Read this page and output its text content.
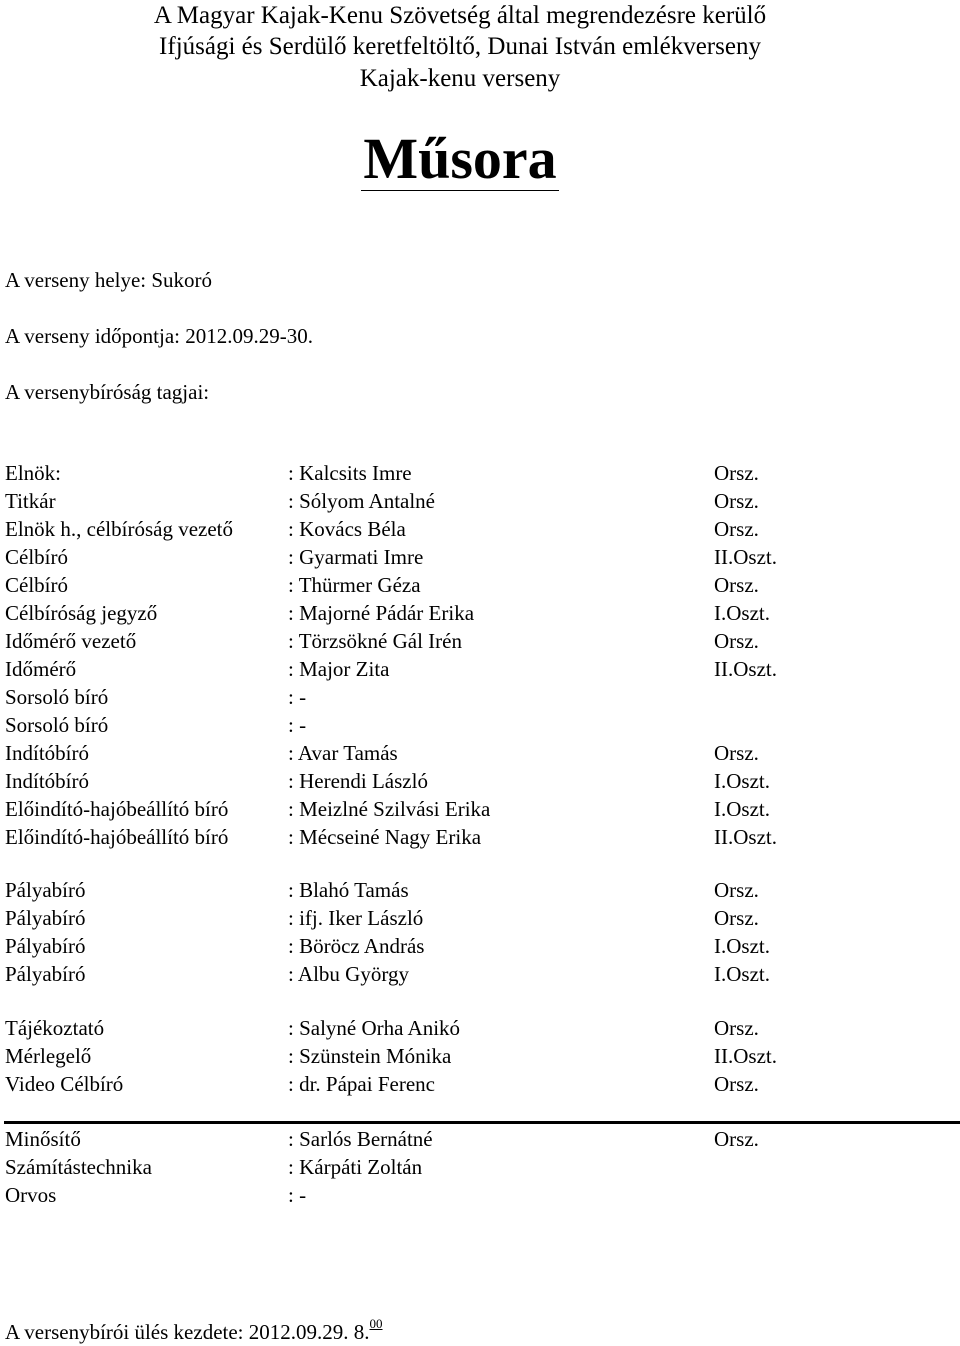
A Magyar Kajak-Kenu Szövetség által megrendezésre kerülő
Ifjúsági és Serdülő keretfeltöltő, Dunai István emlékverseny
Kajak-kenu verseny
Műsora
A verseny helye: Sukoró
A verseny időpontja: 2012.09.29-30.
A versenybíróság tagjai:
Elnök:	: Kalcsits Imre	Orsz.
Titkár	: Sólyom Antalné	Orsz.
Elnök h., célbíróság vezető	: Kovács Béla	Orsz.
Célbíró	: Gyarmati Imre	II.Oszt.
Célbíró	: Thürmer Géza	Orsz.
Célbíróság jegyző	: Majorné Pádár Erika	I.Oszt.
Időmérő vezető	: Törzsökné Gál Irén	Orsz.
Időmérő	: Major Zita	II.Oszt.
Sorsoló bíró	: -
Sorsoló bíró	: -
Indítóbíró	: Avar Tamás	Orsz.
Indítóbíró	: Herendi László	I.Oszt.
Előindító-hajóbeállító bíró	: Meizlné Szilvási Erika	I.Oszt.
Előindító-hajóbeállító bíró	: Mécseiné Nagy Erika	II.Oszt.
Pályabíró	: Blahó Tamás	Orsz.
Pályabíró	: ifj. Iker László	Orsz.
Pályabíró	: Böröcz András	I.Oszt.
Pályabíró	: Albu György	I.Oszt.
Tájékoztató	: Salyné Orha Anikó	Orsz.
Mérlegelő	: Szünstein Mónika	II.Oszt.
Video Célbíró	: dr. Pápai Ferenc	Orsz.
Minősítő	: Sarlós Bernátné	Orsz.
Számítástechnika	: Kárpáti Zoltán
Orvos	: -
A versenybírói ülés kezdete: 2012.09.29. 8.00
